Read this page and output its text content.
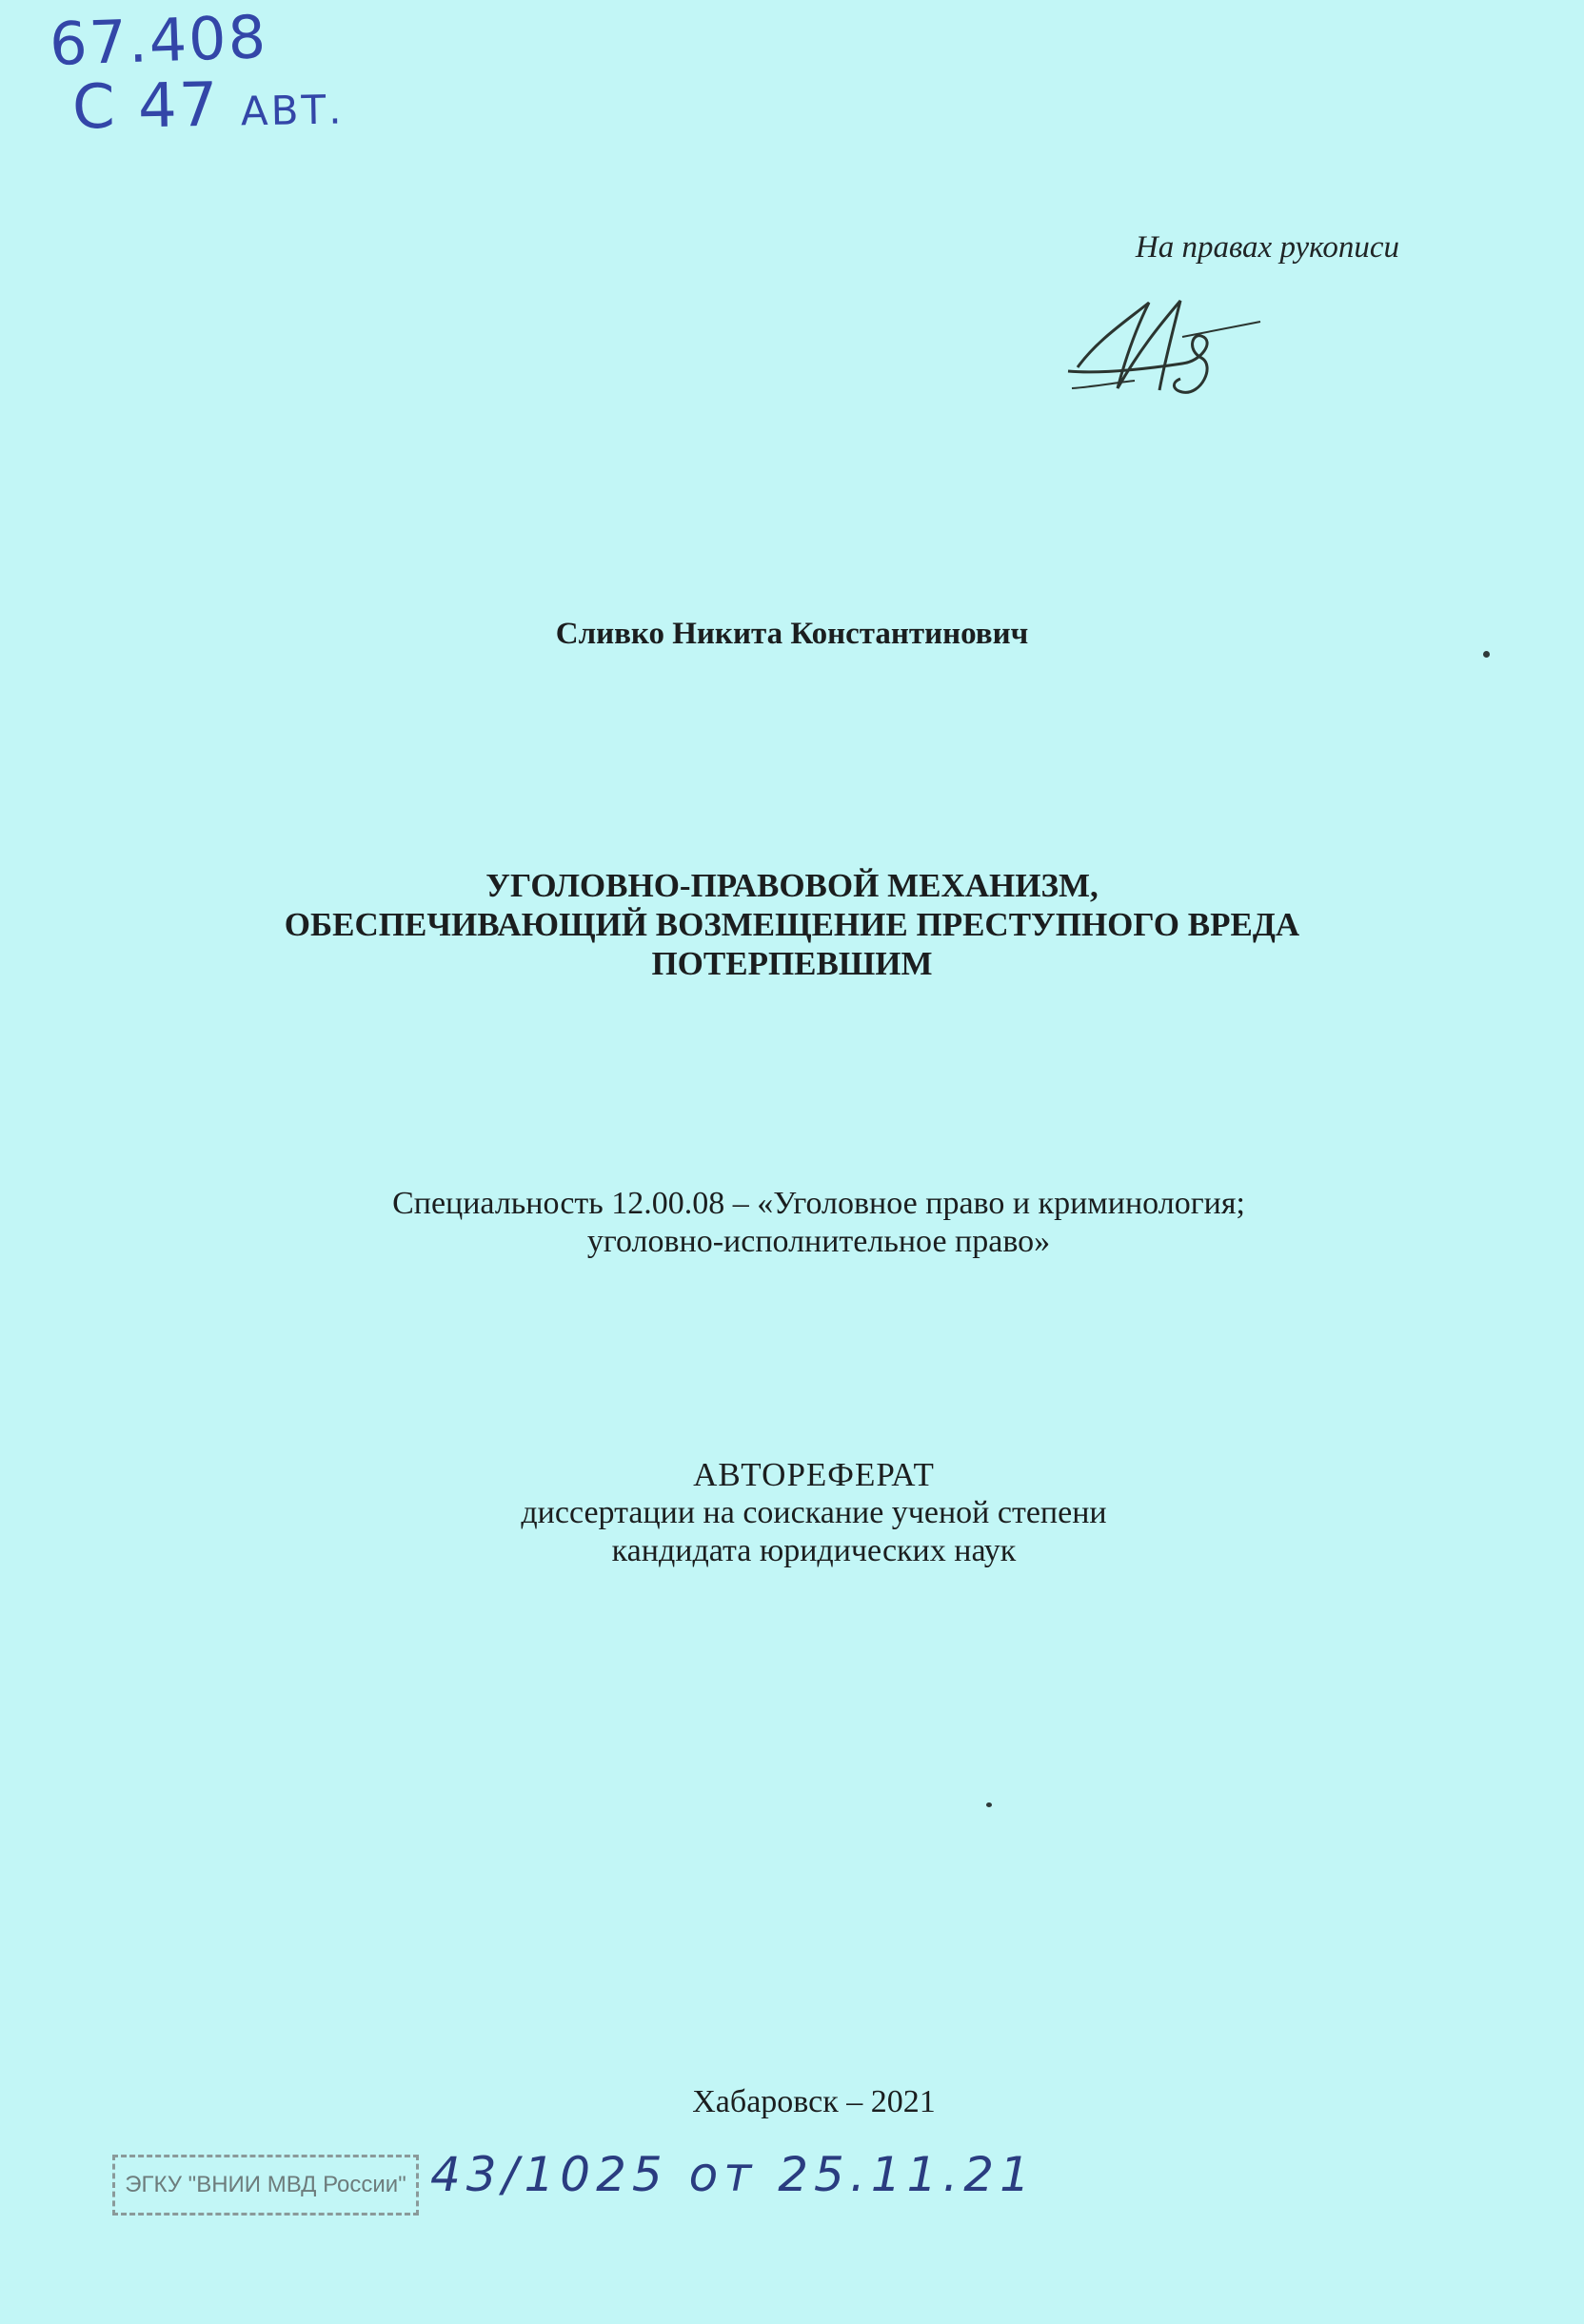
67.408
С 47 АВТ.
На правах рукописи
Сливко Никита Константинович
УГОЛОВНО-ПРАВОВОЙ МЕХАНИЗМ,
ОБЕСПЕЧИВАЮЩИЙ ВОЗМЕЩЕНИЕ ПРЕСТУПНОГО ВРЕДА
ПОТЕРПЕВШИМ
Специальность 12.00.08 – «Уголовное право и криминология;
уголовно-исполнительное право»
АВТОРЕФЕРАТ
диссертации на соискание ученой степени
кандидата юридических наук
Хабаровск – 2021
ЭГКУ "ВНИИ МВД России" 43/1025 от 25.11.21
